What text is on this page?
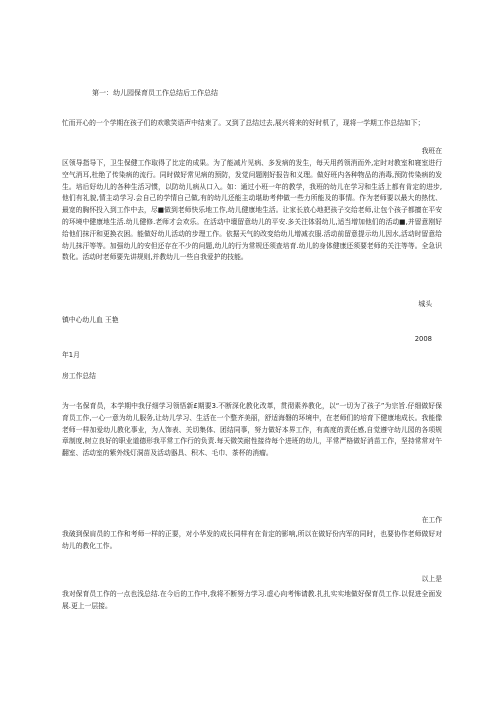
第一：幼儿园保育员工作总结后工作总结

忙而开心的一个学期在孩子们的欢歌笑语声中结束了。又到了总结过去,展兴将来的好时机了，现将一学期工作总结如下；

我班在

区领导指导下，卫生保健工作取得了比定的成果。为了能减片见病、多发病的发生，每天用药领消而外,定时对教室和寝室进行空气消耳,杜绝了传染病的流行。同时做好常见病的预防，发觉问题刚好报告和义理。做好班内各种物品的消毒,预防传染病的发生。培后好幼儿的各种生活习惯，以防幼儿病从口入。如：通过小班一年的教学，我班的幼儿在学习和生活上都有肯定的进步,他们有礼貌,情主动学习.会自己的学情自己做,有的幼儿还能主动堪助考伸做一些力所能及的事情。作为老师要以最大的热忱、最宽的胸怀投入到工作中去，尽■做到老师快乐地工作,幼儿健康地生活。让家长放心地把孩子交给老师,让包个孩子都擅在平安的环境中健康地生活.幼儿健修.老师才会欢乐。在活动中壇留意幼儿的平安.多关注体弱幼儿,适当增加他们的活动■,并留意刚好给他们抹汗和更换衣困。能做好幼儿活动的步理工作。依据天气的改变给幼儿增减衣服.活动前留意提示幼儿因水,活动时留意给幼儿抹汗等等。加强幼儿的安但还存在不少的问题,幼儿的行为常规还须查培育.幼儿的身体健康还须要老师的关注等等。全急识数化。活动时老师要先讲规则,并教幼儿一些自我爱护的技能。

城头
镇中心幼儿血 王艳
2008
年1月
房工作总结

为一名保育员，本学期中我仔细学习领悟新£期要3.不断深化教化改革，贯彻素养教化，以“一切为了孩子”为宗旨.仔细做好保育员工作,一心一意为幼儿服务,让幼儿学习、生活在一个整齐美丽，舒适海磐的环境中，在老师们的培育下健康地成长。我能像老师一样加爱幼儿教化事业，为人饰表、关切集体、团结同事，努力做好本界工作，有高度的责任感,自觉遵守幼儿园的各项规章制度,树立良好的职业道德形我平常工作行的负责.每天微笑耐性接待每个进班的幼儿，平常严格做好消苗工作，坚持常常对午翻室、活动室的紫外线灯洞苗及活动器具、积木、毛巾、茶杯的消瘤。

在工作

我破到保肩员的工作和考师一样的正要，对小华发的成长同样有在肯定的影响,所以在做好份内军的同时，也要协作老师做好对幼儿的教化工作。

以上是

我对保育员工作的一点也浅总结.在今后的工作中,我将不断努力学习.虚心向考怖请教.扎扎实实地做好保育员工作.以促进全面发展.更上一层接。
